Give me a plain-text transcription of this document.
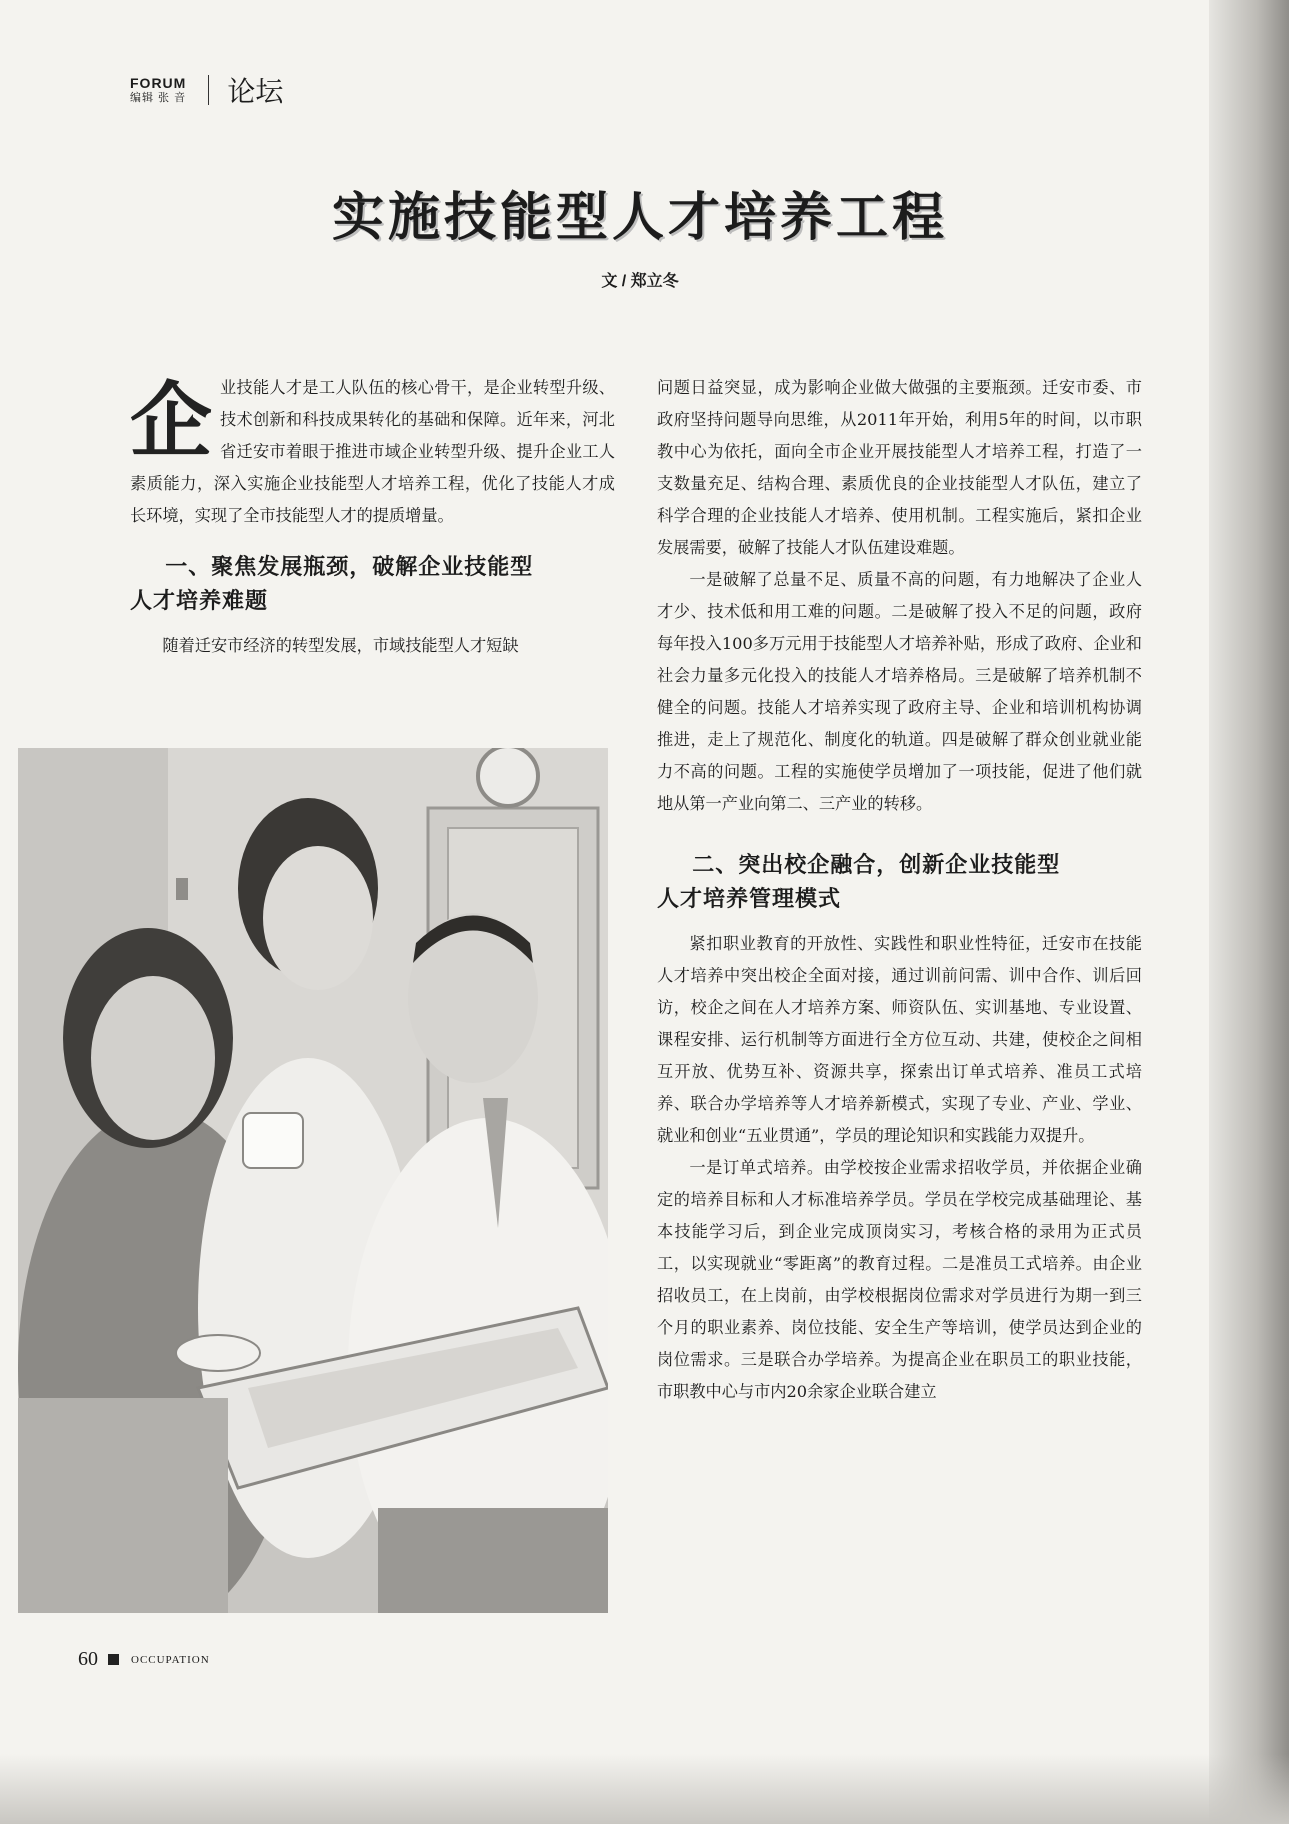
FORUM
编辑 张 音 论坛
实施技能型人才培养工程
文 / 郑立冬
企 业技能人才是工人队伍的核心骨干，是企业转型升级、技术创新和科技成果转化的基础和保障。近年来，河北省迁安市着眼于推进市域企业转型升级、提升企业工人素质能力，深入实施企业技能型人才培养工程，优化了技能人才成长环境，实现了全市技能型人才的提质增量。

一、聚焦发展瓶颈，破解企业技能型
人才培养难题

随着迁安市经济的转型发展，市域技能型人才短缺

问题日益突显，成为影响企业做大做强的主要瓶颈。迁安市委、市政府坚持问题导向思维，从2011年开始，利用5年的时间，以市职教中心为依托，面向全市企业开展技能型人才培养工程，打造了一支数量充足、结构合理、素质优良的企业技能型人才队伍，建立了科学合理的企业技能人才培养、使用机制。工程实施后，紧扣企业发展需要，破解了技能人才队伍建设难题。

一是破解了总量不足、质量不高的问题，有力地解决了企业人才少、技术低和用工难的问题。二是破解了投入不足的问题，政府每年投入100多万元用于技能型人才培养补贴，形成了政府、企业和社会力量多元化投入的技能人才培养格局。三是破解了培养机制不健全的问题。技能人才培养实现了政府主导、企业和培训机构协调推进，走上了规范化、制度化的轨道。四是破解了群众创业就业能力不高的问题。工程的实施使学员增加了一项技能，促进了他们就地从第一产业向第二、三产业的转移。

二、突出校企融合，创新企业技能型
人才培养管理模式

紧扣职业教育的开放性、实践性和职业性特征，迁安市在技能人才培养中突出校企全面对接，通过训前问需、训中合作、训后回访，校企之间在人才培养方案、师资队伍、实训基地、专业设置、课程安排、运行机制等方面进行全方位互动、共建，使校企之间相互开放、优势互补、资源共享，探索出订单式培养、准员工式培养、联合办学培养等人才培养新模式，实现了专业、产业、学业、就业和创业“五业贯通”，学员的理论知识和实践能力双提升。

一是订单式培养。由学校按企业需求招收学员，并依据企业确定的培养目标和人才标准培养学员。学员在学校完成基础理论、基本技能学习后，到企业完成顶岗实习，考核合格的录用为正式员工，以实现就业“零距离”的教育过程。二是准员工式培养。由企业招收员工，在上岗前，由学校根据岗位需求对学员进行为期一到三个月的职业素养、岗位技能、安全生产等培训，使学员达到企业的岗位需求。三是联合办学培养。为提高企业在职员工的职业技能，市职教中心与市内20余家企业联合建立

60	OCCUPATION
